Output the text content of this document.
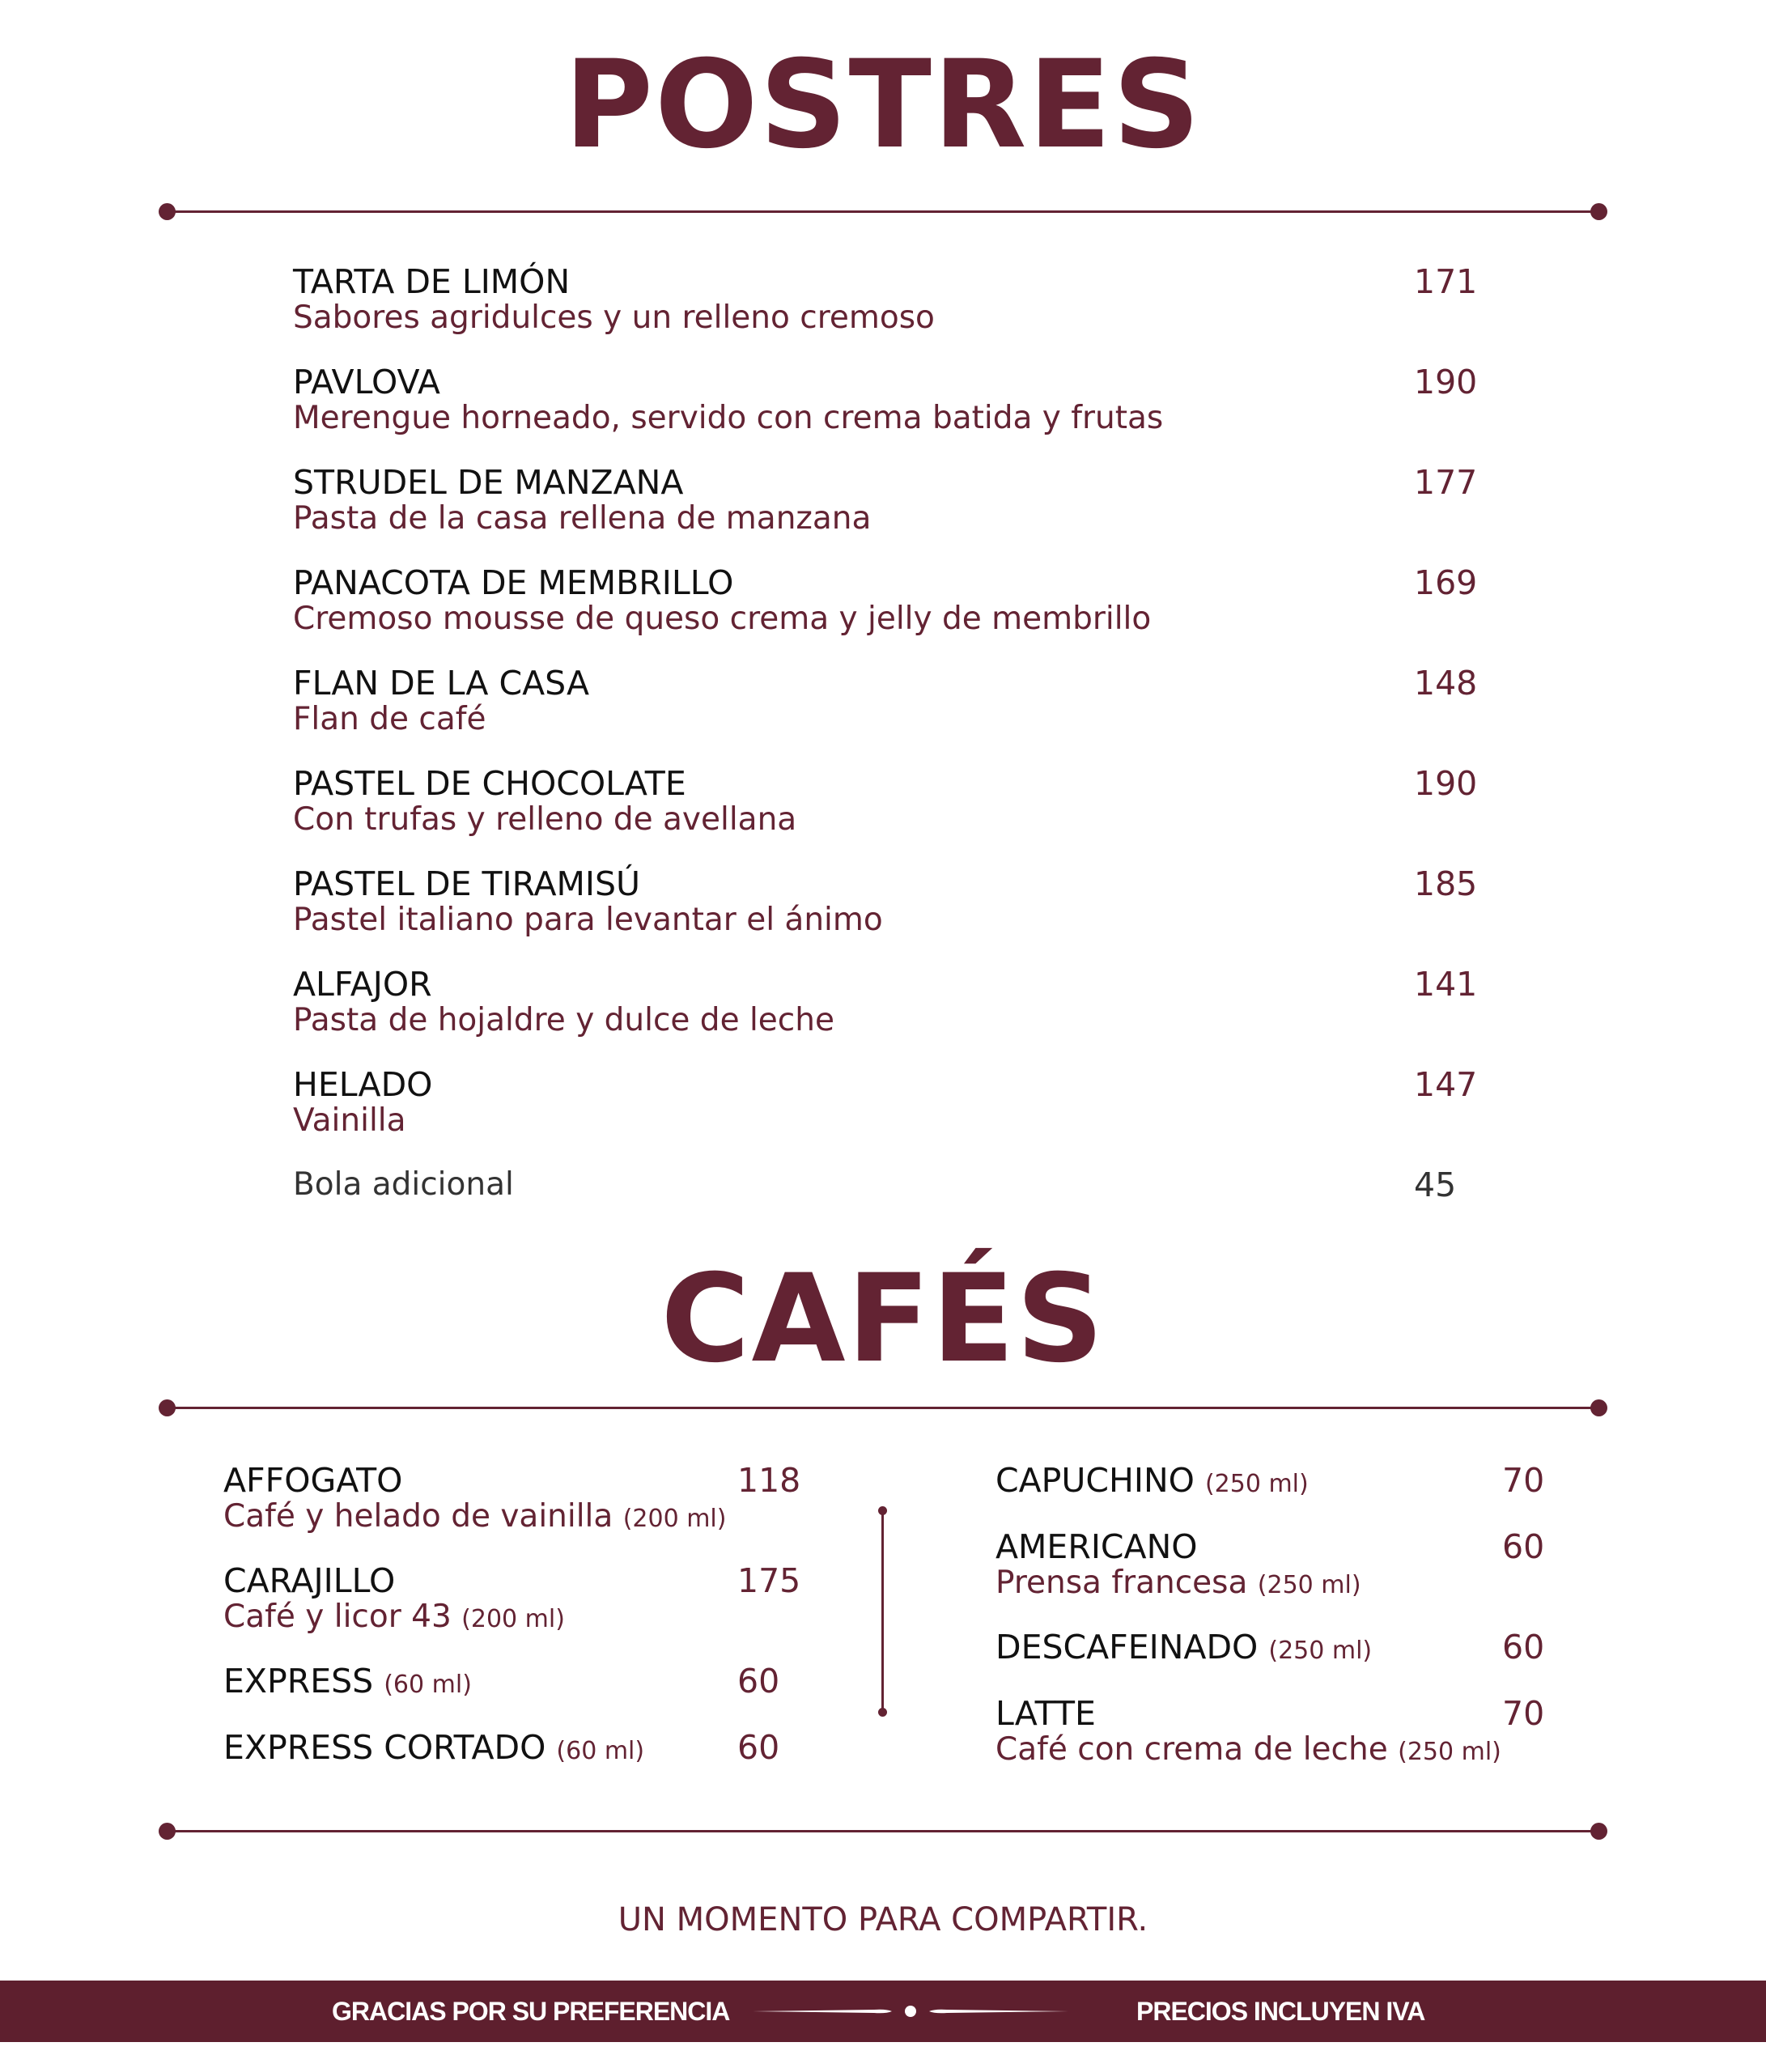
POSTRES
TARTA DE LIMÓN
Sabores agridulces y un relleno cremoso
171
PAVLOVA
Merengue horneado, servido con crema batida y frutas
190
STRUDEL DE MANZANA
Pasta de la casa rellena de manzana
177
PANACOTA DE MEMBRILLO
Cremoso mousse de queso crema y jelly de membrillo
169
FLAN DE LA CASA
Flan de café
148
PASTEL DE CHOCOLATE
Con trufas y relleno de avellana
190
PASTEL DE TIRAMISÚ
Pastel italiano para levantar el ánimo
185
ALFAJOR
Pasta de hojaldre y dulce de leche
141
HELADO
Vainilla
147
Bola adicional	45
CAFÉS
AFFOGATO
Café y helado de vainilla (200 ml)
118
CARAJILLO
Café y licor 43 (200 ml)
175
EXPRESS (60 ml)	60
EXPRESS CORTADO (60 ml)	60
CAPUCHINO (250 ml)	70
AMERICANO
Prensa francesa (250 ml)
60
DESCAFEINADO (250 ml)	60
LATTE
Café con crema de leche (250 ml)
70
UN MOMENTO PARA COMPARTIR.
GRACIAS POR SU PREFERENCIA	PRECIOS INCLUYEN IVA
